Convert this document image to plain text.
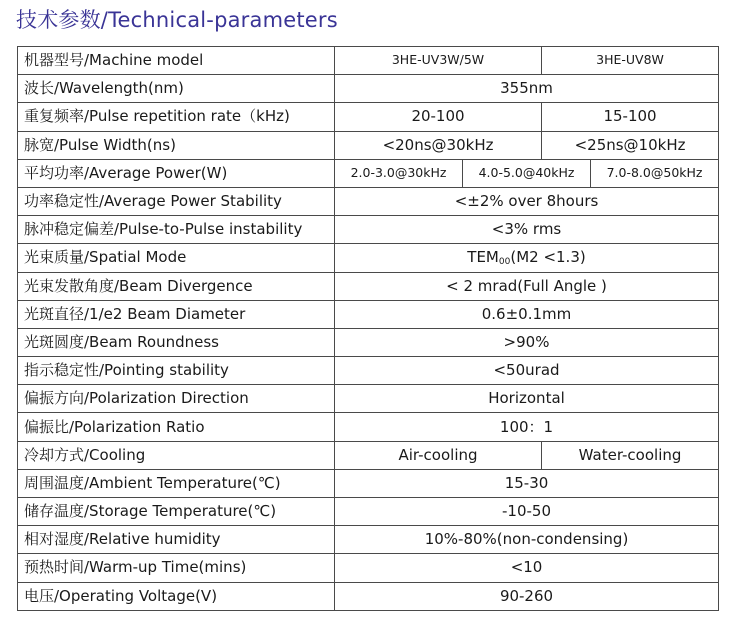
技术参数/Technical-parameters
机器型号/Machine model	3HE-UV3W/5W		3HE-UV8W	
波长/Wavelength(nm)	355nm			
重复频率/Pulse repetition rate（kHz)	20-100		15-100	
脉宽/Pulse Width(ns)	<20ns@30kHz		<25ns@10kHz	
平均功率/Average Power(W)	2.0-3.0@30kHz	4.0-5.0@40kHz		7.0-8.0@50kHz
功率稳定性/Average Power Stability	<±2% over 8hours			
脉冲稳定偏差/Pulse-to-Pulse instability	<3% rms			
光束质量/Spatial Mode	$TEM_{00}(M2 <1.3)$			
光束发散角度/Beam Divergence	< 2 mrad(Full Angle )			
光斑直径/1/e2 Beam Diameter	0.6±0.1mm			
光斑圆度/Beam Roundness	>90%			
指示稳定性/Pointing stability	<50urad			
偏振方向/Polarization Direction	Horizontal			
偏振比/Polarization Ratio	100：1			
冷却方式/Cooling	Air-cooling		Water-cooling	
周围温度/Ambient Temperature(℃)	15-30			
储存温度/Storage Temperature(℃)	-10-50			
相对湿度/Relative humidity	10%-80%(non-condensing)			
预热时间/Warm-up Time(mins)	<10			
电压/Operating Voltage(V)	90-260			
